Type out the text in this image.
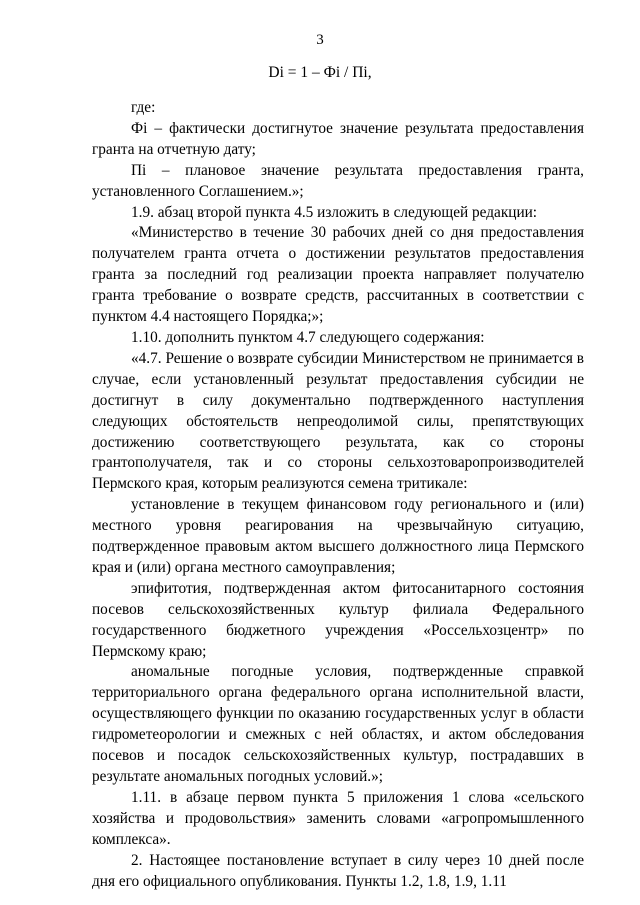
3
Di = 1 – Фi / Пi,

где:

Фi – фактически достигнутое значение результата предоставления гранта на отчетную дату;

Пi – плановое значение результата предоставления гранта, установленного Соглашением.»;

1.9. абзац второй пункта 4.5 изложить в следующей редакции:

«Министерство в течение 30 рабочих дней со дня предоставления получателем гранта отчета о достижении результатов предоставления гранта за последний год реализации проекта направляет получателю гранта требование о возврате средств, рассчитанных в соответствии с пунктом 4.4 настоящего Порядка;»;

1.10. дополнить пунктом 4.7 следующего содержания:

«4.7. Решение о возврате субсидии Министерством не принимается в случае, если установленный результат предоставления субсидии не достигнут в силу документально подтвержденного наступления следующих обстоятельств непреодолимой силы, препятствующих достижению соответствующего результата, как со стороны грантополучателя, так и со стороны сельхозтоваропроизводителей Пермского края, которым реализуются семена тритикале:

установление в текущем финансовом году регионального и (или) местного уровня реагирования на чрезвычайную ситуацию, подтвержденное правовым актом высшего должностного лица Пермского края и (или) органа местного самоуправления;

эпифитотия, подтвержденная актом фитосанитарного состояния посевов сельскохозяйственных культур филиала Федерального государственного бюджетного учреждения «Россельхозцентр» по Пермскому краю;

аномальные погодные условия, подтвержденные справкой территориального органа федерального органа исполнительной власти, осуществляющего функции по оказанию государственных услуг в области гидрометеорологии и смежных с ней областях, и актом обследования посевов и посадок сельскохозяйственных культур, пострадавших в результате аномальных погодных условий.»;

1.11. в абзаце первом пункта 5 приложения 1 слова «сельского хозяйства и продовольствия» заменить словами «агропромышленного комплекса».

2. Настоящее постановление вступает в силу через 10 дней после дня его официального опубликования. Пункты 1.2, 1.8, 1.9, 1.11
